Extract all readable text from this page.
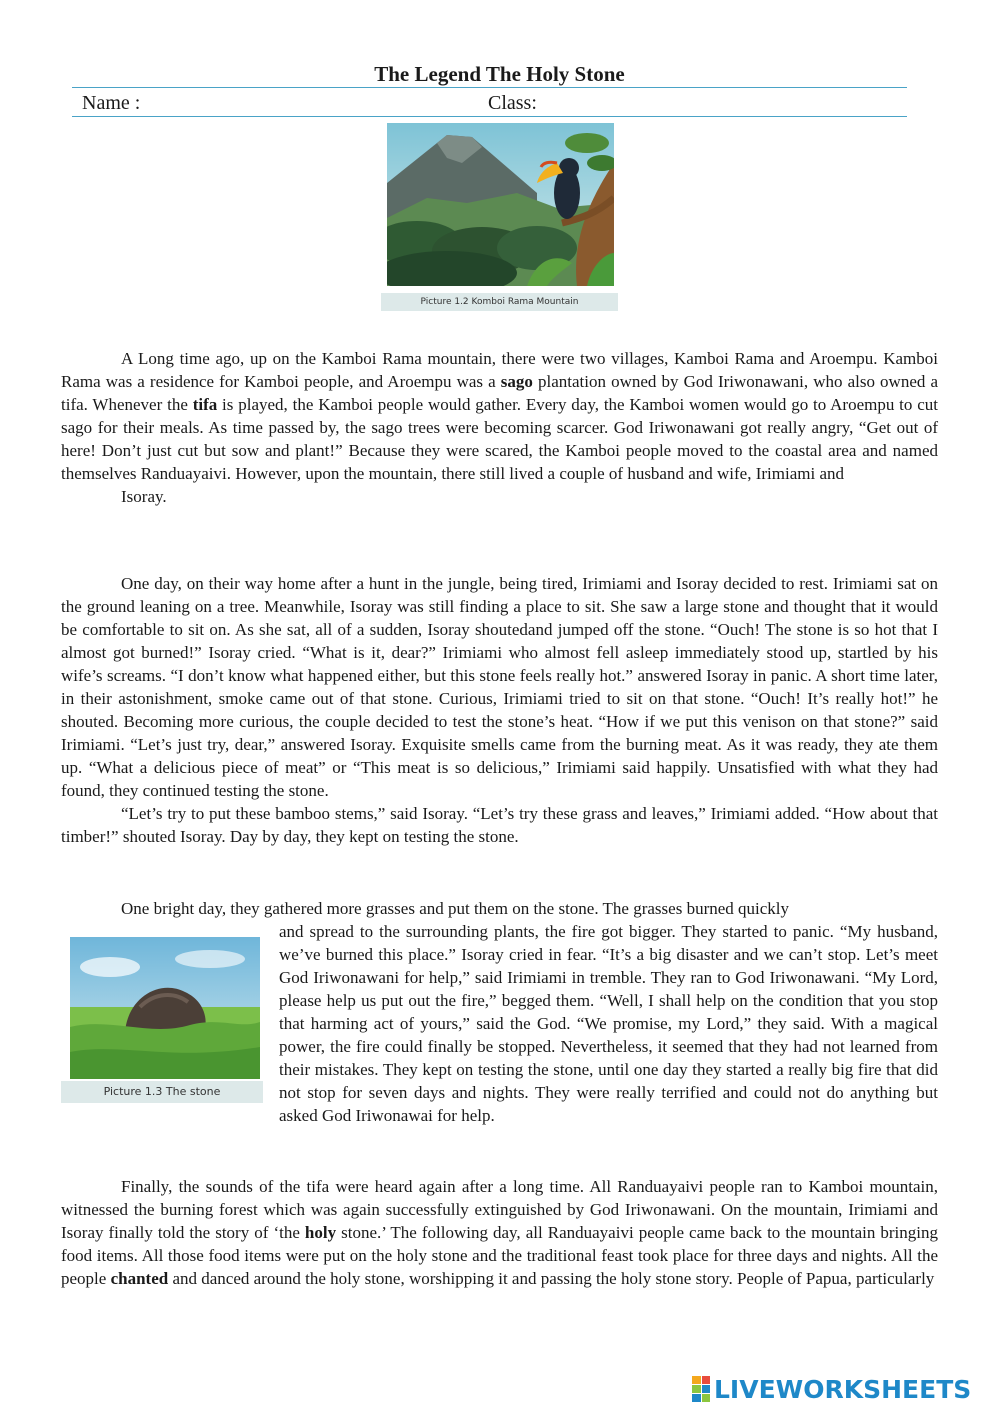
The Legend The Holy Stone
Name :	Class:
Picture 1.2 Komboi Rama Mountain

A Long time ago, up on the Kamboi Rama mountain, there were two villages, Kamboi Rama and Aroempu. Kamboi Rama was a residence for Kamboi people, and Aroempu was a sago plantation owned by God Iriwonawani, who also owned a tifa. Whenever the tifa is played, the Kamboi people would gather. Every day, the Kamboi women would go to Aroempu to cut sago for their meals. As time passed by, the sago trees were becoming scarcer. God Iriwonawani got really angry, “Get out of here! Don’t just cut but sow and plant!” Because they were scared, the Kamboi people moved to the coastal area and named themselves Randuayaivi. However, upon the mountain, there still lived a couple of husband and wife, Irimiami and

Isoray.

One day, on their way home after a hunt in the jungle, being tired, Irimiami and Isoray decided to rest. Irimiami sat on the ground leaning on a tree. Meanwhile, Isoray was still finding a place to sit. She saw a large stone and thought that it would be comfortable to sit on. As she sat, all of a sudden, Isoray shoutedand jumped off the stone. “Ouch! The stone is so hot that I almost got burned!” Isoray cried. “What is it, dear?” Irimiami who almost fell asleep immediately stood up, startled by his wife’s screams. “I don’t know what happened either, but this stone feels really hot.” answered Isoray in panic. A short time later, in their astonishment, smoke came out of that stone. Curious, Irimiami tried to sit on that stone. “Ouch! It’s really hot!” he shouted. Becoming more curious, the couple decided to test the stone’s heat. “How if we put this venison on that stone?” said Irimiami. “Let’s just try, dear,” answered Isoray. Exquisite smells came from the burning meat. As it was ready, they ate them up. “What a delicious piece of meat” or “This meat is so delicious,” Irimiami said happily. Unsatisfied with what they had found, they continued testing the stone.

“Let’s try to put these bamboo stems,” said Isoray. “Let’s try these grass and leaves,” Irimiami added. “How about that timber!” shouted Isoray. Day by day, they kept on testing the stone.

One bright day, they gathered more grasses and put them on the stone. The grasses burned quickly

Picture 1.3 The stone

and spread to the surrounding plants, the fire got bigger. They started to panic. “My husband, we’ve burned this place.” Isoray cried in fear. “It’s a big disaster and we can’t stop. Let’s meet God Iriwonawani for help,” said Irimiami in tremble. They ran to God Iriwonawani. “My Lord, please help us put out the fire,” begged them. “Well, I shall help on the condition that you stop that harming act of yours,” said the God. “We promise, my Lord,” they said. With a magical power, the fire could finally be stopped. Nevertheless, it seemed that they had not learned from their mistakes. They kept on testing the stone, until one day they started a really big fire that did not stop for seven days and nights. They were really terrified and could not do anything but asked God Iriwonawai for help.

Finally, the sounds of the tifa were heard again after a long time. All Randuayaivi people ran to Kamboi mountain, witnessed the burning forest which was again successfully extinguished by God Iriwonawani. On the mountain, Irimiami and Isoray finally told the story of ‘the holy stone.’ The following day, all Randuayaivi people came back to the mountain bringing food items. All those food items were put on the holy stone and the traditional feast took place for three days and nights. All the people chanted and danced around the holy stone, worshipping it and passing the holy stone story. People of Papua, particularly

LIVEWORKSHEETS
